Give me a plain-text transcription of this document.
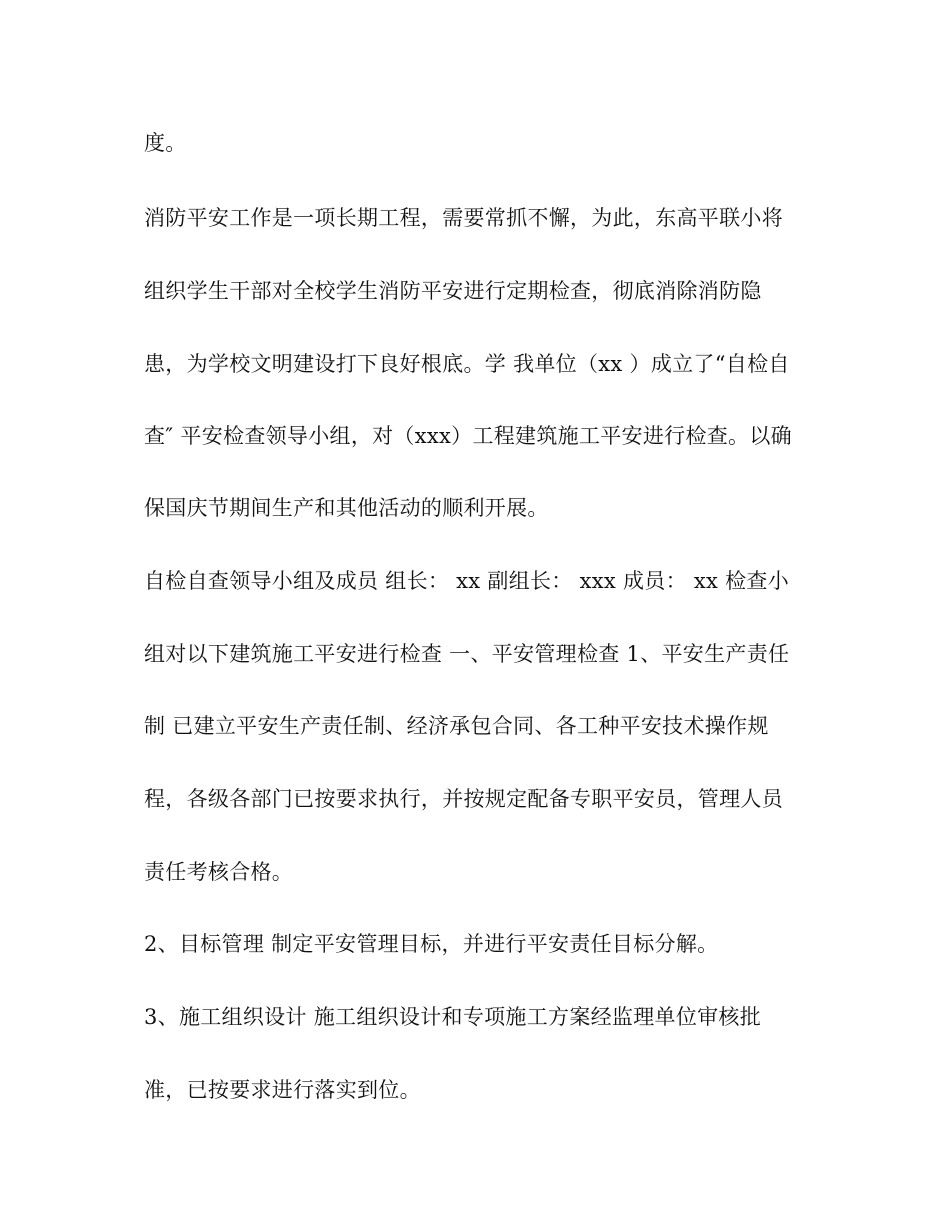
度。
消防平安工作是一项长期工程，需要常抓不懈，为此，东高平联小将
组织学生干部对全校学生消防平安进行定期检查，彻底消除消防隐
患，为学校文明建设打下良好根底。学 我单位（xx ）成立了“自检自
查″ 平安检查领导小组，对（xxx）工程建筑施工平安进行检查。以确
保国庆节期间生产和其他活动的顺利开展。
自检自查领导小组及成员 组长： xx 副组长： xxx 成员： xx 检查小
组对以下建筑施工平安进行检查 一、平安管理检查 1、平安生产责任
制 已建立平安生产责任制、经济承包合同、各工种平安技术操作规
程，各级各部门已按要求执行，并按规定配备专职平安员，管理人员
责任考核合格。
2、目标管理 制定平安管理目标，并进行平安责任目标分解。
3、施工组织设计 施工组织设计和专项施工方案经监理单位审核批
准，已按要求进行落实到位。
